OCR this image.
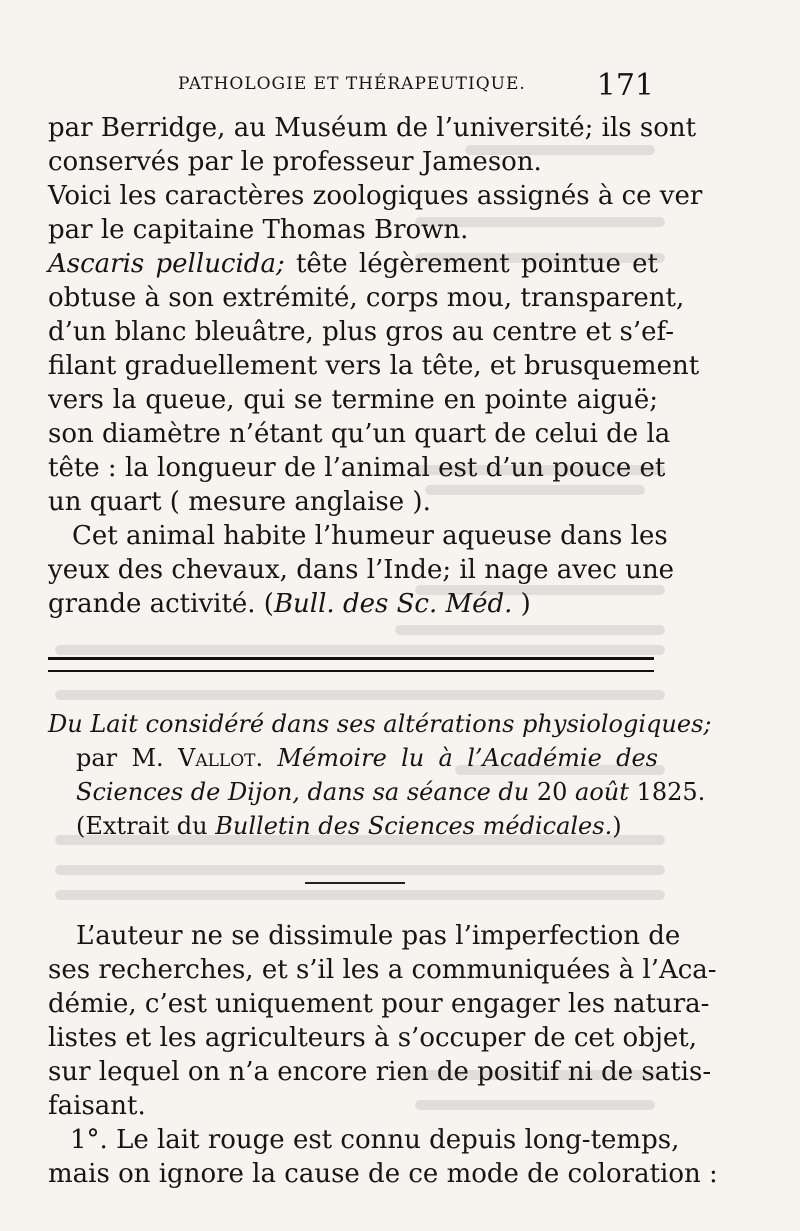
PATHOLOGIE ET THÉRAPEUTIQUE. 171
par Berridge, au Muséum de l’université; ils sont
conservés par le professeur Jameson.
Voici les caractères zoologiques assignés à ce ver
par le capitaine Thomas Brown.
Ascaris pellucida; tête légèrement pointue et
obtuse à son extrémité, corps mou, transparent,
d’un blanc bleuâtre, plus gros au centre et s’ef-
filant graduellement vers la tête, et brusquement
vers la queue, qui se termine en pointe aiguë;
son diamètre n’étant qu’un quart de celui de la
tête : la longueur de l’animal est d’un pouce et
un quart ( mesure anglaise ).
Cet animal habite l’humeur aqueuse dans les
yeux des chevaux, dans l’Inde; il nage avec une
grande activité. (Bull. des Sc. Méd. )
Du Lait considéré dans ses altérations physiologiques;
par M. Vallot. Mémoire lu à l’Académie des
Sciences de Dijon, dans sa séance du 20 août 1825.
(Extrait du Bulletin des Sciences médicales.)
L’auteur ne se dissimule pas l’imperfection de
ses recherches, et s’il les a communiquées à l’Aca-
démie, c’est uniquement pour engager les natura-
listes et les agriculteurs à s’occuper de cet objet,
sur lequel on n’a encore rien de positif ni de satis-
faisant.
1°. Le lait rouge est connu depuis long-temps,
mais on ignore la cause de ce mode de coloration :
